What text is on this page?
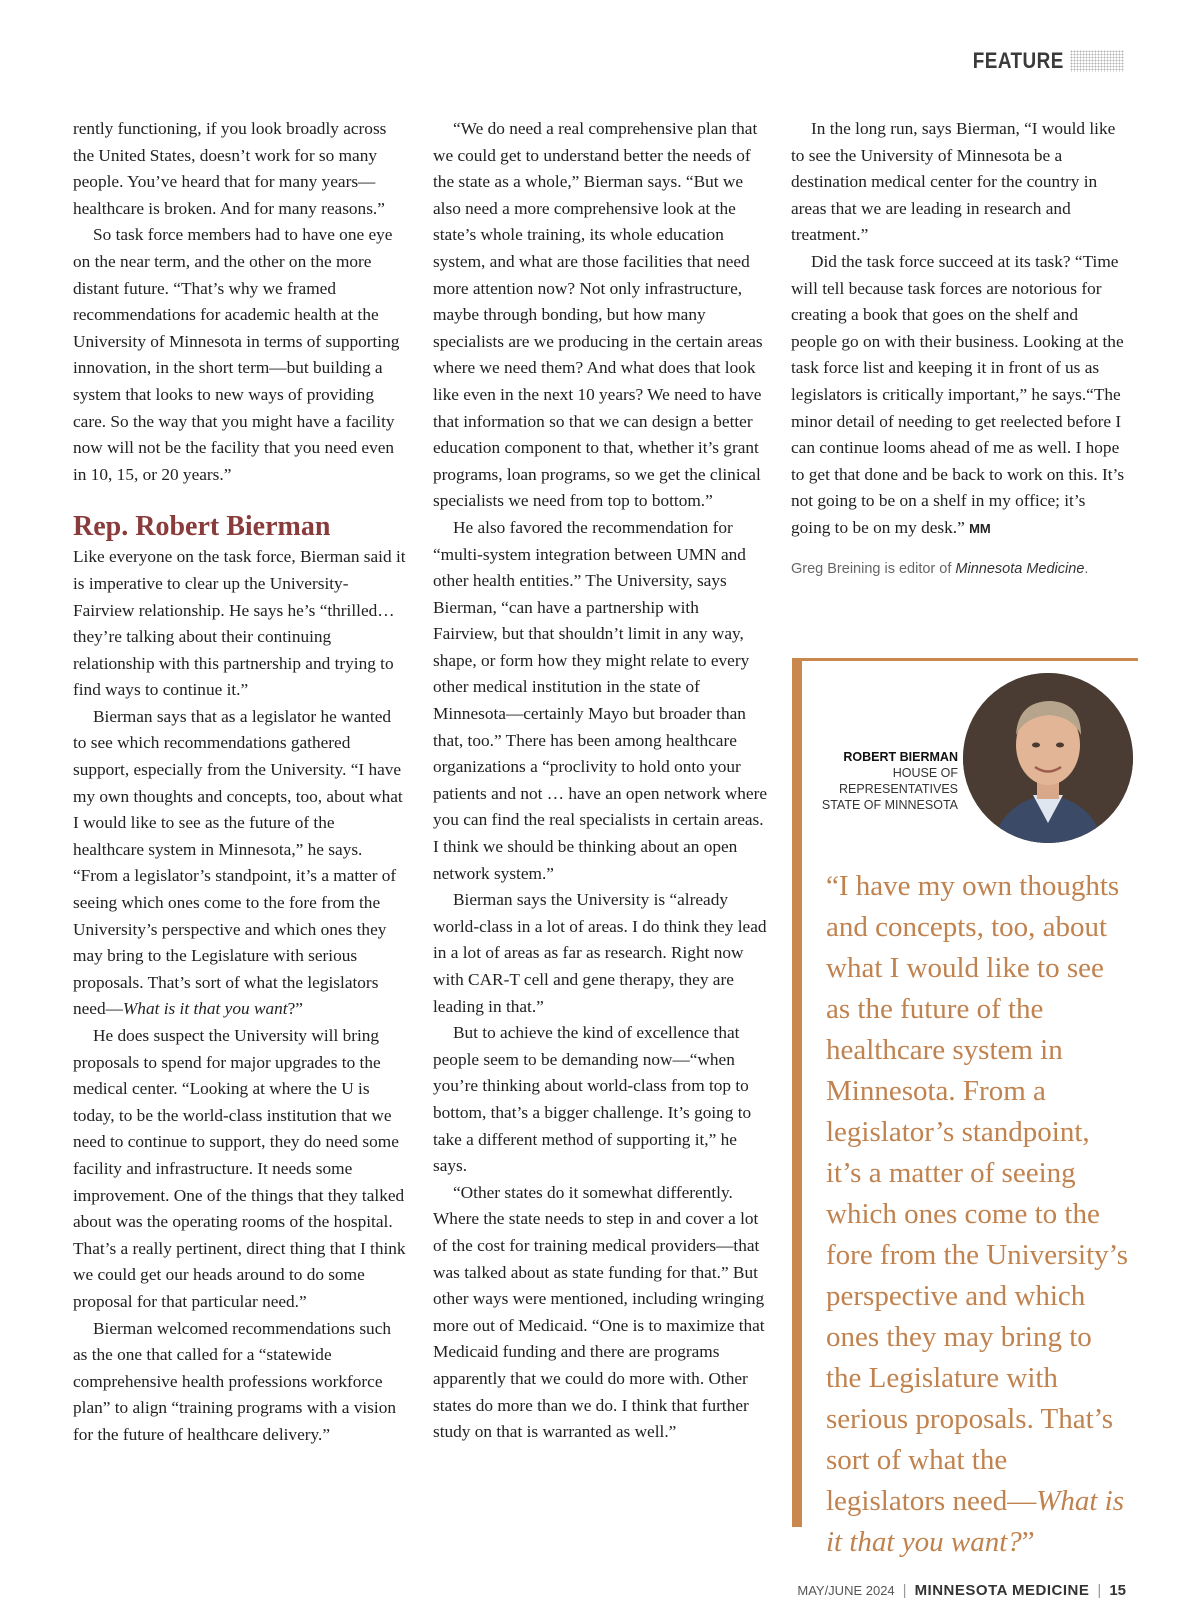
FEATURE

rently functioning, if you look broadly across the United States, doesn’t work for so many people. You’ve heard that for many years—healthcare is broken. And for many reasons.”

So task force members had to have one eye on the near term, and the other on the more distant future. “That’s why we framed recommendations for academic health at the University of Minnesota in terms of supporting innovation, in the short term—but building a system that looks to new ways of providing care. So the way that you might have a facility now will not be the facility that you need even in 10, 15, or 20 years.”

Rep. Robert Bierman

Like everyone on the task force, Bierman said it is imperative to clear up the University-Fairview relationship. He says he’s “thrilled… they’re talking about their continuing relationship with this partnership and trying to find ways to continue it.”

Bierman says that as a legislator he wanted to see which recommendations gathered support, especially from the University. “I have my own thoughts and concepts, too, about what I would like to see as the future of the healthcare system in Minnesota,” he says. “From a legislator’s standpoint, it’s a matter of seeing which ones come to the fore from the University’s perspective and which ones they may bring to the Legislature with serious proposals. That’s sort of what the legislators need—What is it that you want?”

He does suspect the University will bring proposals to spend for major upgrades to the medical center. “Looking at where the U is today, to be the world-class institution that we need to continue to support, they do need some facility and infrastructure. It needs some improvement. One of the things that they talked about was the operating rooms of the hospital. That’s a really pertinent, direct thing that I think we could get our heads around to do some proposal for that particular need.”

Bierman welcomed recommendations such as the one that called for a “statewide comprehensive health professions workforce plan” to align “training programs with a vision for the future of healthcare delivery.”

“We do need a real comprehensive plan that we could get to understand better the needs of the state as a whole,” Bierman says. “But we also need a more comprehensive look at the state’s whole training, its whole education system, and what are those facilities that need more attention now? Not only infrastructure, maybe through bonding, but how many specialists are we producing in the certain areas where we need them? And what does that look like even in the next 10 years? We need to have that information so that we can design a better education component to that, whether it’s grant programs, loan programs, so we get the clinical specialists we need from top to bottom.”

He also favored the recommendation for “multi-system integration between UMN and other health entities.” The University, says Bierman, “can have a partnership with Fairview, but that shouldn’t limit in any way, shape, or form how they might relate to every other medical institution in the state of Minnesota—certainly Mayo but broader than that, too.” There has been among healthcare organizations a “proclivity to hold onto your patients and not … have an open network where you can find the real specialists in certain areas. I think we should be thinking about an open network system.”

Bierman says the University is “already world-class in a lot of areas. I do think they lead in a lot of areas as far as research. Right now with CAR-T cell and gene therapy, they are leading in that.”

But to achieve the kind of excellence that people seem to be demanding now—“when you’re thinking about world-class from top to bottom, that’s a bigger challenge. It’s going to take a different method of supporting it,” he says.

“Other states do it somewhat differently. Where the state needs to step in and cover a lot of the cost for training medical providers—that was talked about as state funding for that.” But other ways were mentioned, including wringing more out of Medicaid. “One is to maximize that Medicaid funding and there are programs apparently that we could do more with. Other states do more than we do. I think that further study on that is warranted as well.”

In the long run, says Bierman, “I would like to see the University of Minnesota be a destination medical center for the country in areas that we are leading in research and treatment.”

Did the task force succeed at its task? “Time will tell because task forces are notorious for creating a book that goes on the shelf and people go on with their business. Looking at the task force list and keeping it in front of us as legislators is critically important,” he says.“The minor detail of needing to get reelected before I can continue looms ahead of me as well. I hope to get that done and be back to work on this. It’s not going to be on a shelf in my office; it’s going to be on my desk.” MM

Greg Breining is editor of Minnesota Medicine.
ROBERT BIERMAN
HOUSE OF
REPRESENTATIVES
STATE OF MINNESOTA

“I have my own thoughts and concepts, too, about what I would like to see as the future of the healthcare system in Minnesota. From a legislator’s standpoint, it’s a matter of seeing which ones come to the fore from the University’s perspective and which ones they may bring to the Legislature with serious proposals. That’s sort of what the legislators need—What is it that you want?”

MAY/JUNE 2024 | MINNESOTA MEDICINE | 15
